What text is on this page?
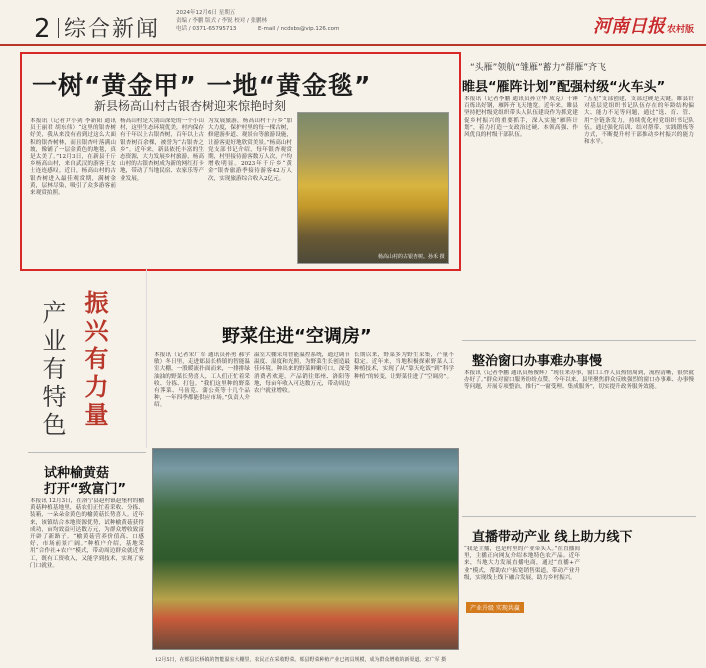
2 综合新闻
2024年12月6日 星期五
责编 / 李鹏 版式 / 李锐 校对 / 张鹏林
电话 / 0371-65795713	E-mail / ncdsbs@vip.126.com	河南日报 农村版
一树“黄金甲” 一地“黄金毯”
新县杨高山村古银杏树迎来惊艳时刻
本报讯（记者尹小剑 李新阳 通讯员王丽君 胡东伟）“这里的银杏树好美，我从来没有看到过这么大面积的银杏树林，而且银杏叶落满山坡，像铺了一层金黄色的地毯，真是太美了。”12月3日，在新县千斤乡杨高山村，来自武汉的游客王女士连连感叹。近日，杨高山村的古银杏树进入最佳观赏期，满树金黄，层林尽染，吸引了众多游客前来观赏拍照。
杨高山村是大别山深处的一个小山村，这里生态环境优美，村内保存有千年以上古银杏树，百年以上古银杏树百余棵，被誉为“古银杏之乡”。近年来，新县依托丰富的生态资源，大力发展乡村旅游，杨高山村的古银杏树成为新的网红打卡地，带动了当地民宿、农家乐等产业发展。
为发展旅游，杨高山村千斤乡“加大力度，保护村里的每一棵古树，修建游步道、观景台等旅游设施，让游客更好地欣赏美景。”杨高山村党支部书记介绍，每年银杏观赏期，村里接待游客数万人次，户均增收明显。2023年千斤乡“黄金”银杏旅游季接待游客42万人次，实现旅游综合收入2亿元。
杨高山村的古银杏树。孙禾 摄
产业有特色 振兴有力量
试种榆黄菇
打开“致富门”
本报讯 12月3日，在洛宁县赵村镇赵堡村的榆黄菇种植基地里，菇农们正忙着采收、分拣、装箱，一朵朵金黄色的榆黄菇长势喜人。近年来，该镇结合本地资源优势，试种榆黄菇获得成功，亩均效益可达数万元，为群众增收致富开辟了新路子。“榆黄菇营养价值高、口感好，市场前景广阔。”种植户介绍，基地采用“合作社+农户”模式，带动周边群众就近务工，既有工资收入，又能学到技术，实现了家门口就业。
野菜住进“空调房”
本报讯（记者宋广军 通讯员孙勇 郝学敏）冬日里，走进郏县长桥镇的智能温室大棚，一股暖流扑面而来，一排排绿油油的野菜长势喜人，工人们正忙着采收、分拣、打包。“我们这里种的野菜有荠菜、马齿苋、蒲公英等十几个品种，一年四季都能供应市场。”负责人介绍。
温室大棚采用智能温控系统，通过调节温度、湿度和光照，为野菜生长创造最佳环境。种出来的野菜鲜嫩可口，深受消费者欢迎，产品销往郑州、洛阳等地，每亩年收入可达数万元，带动周边农户就业增收。
长期以来，野菜多为野生采集，产量不稳定。近年来，当地积极探索野菜人工种植技术，实现了从“靠天吃饭”到“科学种植”的转变，让野菜住进了“空调房”。
12月5日，在郏县长桥镇的智能温室大棚里，农民正在采收野菜。郏县野菜种植产业已初具规模，成为群众增收的新渠道。宋广军 摄
“头雁”领航“雏雁”蓄力“群雁”齐飞
睢县“雁阵计划”配强村级“火车头”
本报讯（记者李鹏 通讯员孙立华 成克）千锤百炼出好钢，雁阵齐飞天地宽。近年来，睢县坚持把村级党组织带头人队伍建设作为抓党建促乡村振兴的重要抓手，深入实施“雁阵计划”，着力打造一支政治过硬、本领高强、作风优良的村级干部队伍。
“五星”支部创建，支部过硬是关键。睢县针对基层党组织书记队伍存在的年龄结构偏大、能力不足等问题，通过“选、育、管、用”全链条发力，持续优化村党组织书记队伍。通过强化培训、结对帮带、实践锻炼等方式，不断提升村干部推动乡村振兴的能力和水平。
整治窗口办事难办事慢
本报讯（记者李鹏 通讯员杨俊辉）“现在来办事，窗口工作人员热情周到，流程清晰，很快就办好了。”群众对窗口服务纷纷点赞。今年以来，县里聚焦群众反映强烈的窗口办事难、办事慢等问题，开展专项整治，推行“一窗受理、集成服务”，切实提升政务服务效能。
直播带动产业 线上助力线下
产业升级 实现共赢
“我是主播，也是村里的产业带头人。”在直播间里，主播正向网友介绍本地特色农产品。近年来，当地大力发展直播电商，通过“直播+产业”模式，帮助农户拓宽销售渠道，带动产业升级，实现线上线下融合发展，助力乡村振兴。
